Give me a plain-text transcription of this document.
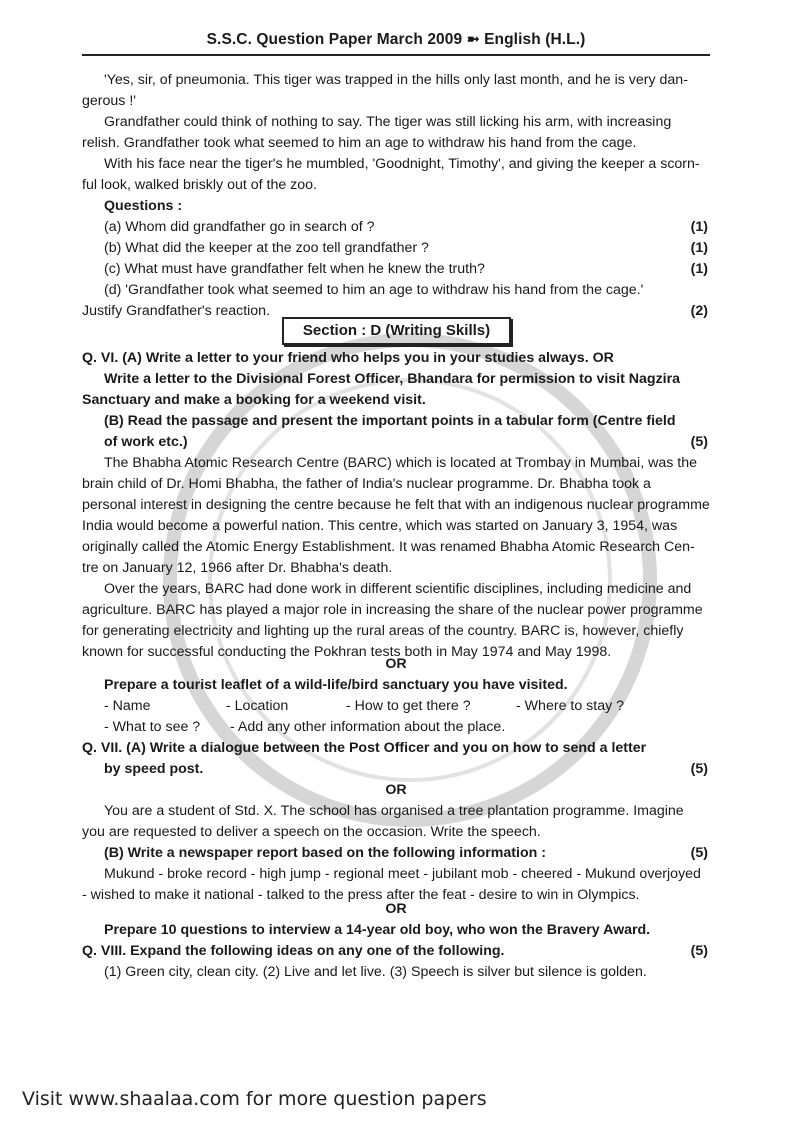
S.S.C. Question Paper March 2009 ➼ English (H.L.)
'Yes, sir, of pneumonia. This tiger was trapped in the hills only last month, and he is very dan-
gerous !'
Grandfather could think of nothing to say. The tiger was still licking his arm, with increasing
relish. Grandfather took what seemed to him an age to withdraw his hand from the cage.
With his face near the tiger's he mumbled, 'Goodnight, Timothy', and giving the keeper a scorn-
ful look, walked briskly out of the zoo.
Questions :
(a) Whom did grandfather go in search of ?	(1)
(b) What did the keeper at the zoo tell grandfather ?	(1)
(c) What must have grandfather felt when he knew the truth?	(1)
(d) 'Grandfather took what seemed to him an age to withdraw his hand from the cage.'
Justify Grandfather's reaction.	(2)
Section : D (Writing Skills)
Q. VI. (A) Write a letter to your friend who helps you in your studies always. OR
Write a letter to the Divisional Forest Officer, Bhandara for permission to visit Nagzira
Sanctuary and make a booking for a weekend visit.
(B) Read the passage and present the important points in a tabular form (Centre field
of work etc.)	(5)
The Bhabha Atomic Research Centre (BARC) which is located at Trombay in Mumbai, was the
brain child of Dr. Homi Bhabha, the father of India's nuclear programme. Dr. Bhabha took a
personal interest in designing the centre because he felt that with an indigenous nuclear programme
India would become a powerful nation. This centre, which was started on January 3, 1954, was
originally called the Atomic Energy Establishment. It was renamed Bhabha Atomic Research Cen-
tre on January 12, 1966 after Dr. Bhabha's death.
Over the years, BARC had done work in different scientific disciplines, including medicine and
agriculture. BARC has played a major role in increasing the share of the nuclear power programme
for generating electricity and lighting up the rural areas of the country. BARC is, however, chiefly
known for successful conducting the Pokhran tests both in May 1974 and May 1998.
OR
Prepare a tourist leaflet of a wild-life/bird sanctuary you have visited.
- Name	- Location	- How to get there ?	- Where to stay ?
- What to see ? - Add any other information about the place.
Q. VII. (A) Write a dialogue between the Post Officer and you on how to send a letter
by speed post.	(5)
OR
You are a student of Std. X. The school has organised a tree plantation programme. Imagine
you are requested to deliver a speech on the occasion. Write the speech.
(B) Write a newspaper report based on the following information :	(5)
Mukund - broke record - high jump - regional meet - jubilant mob - cheered - Mukund overjoyed
- wished to make it national - talked to the press after the feat - desire to win in Olympics.
OR
Prepare 10 questions to interview a 14-year old boy, who won the Bravery Award.
Q. VIII. Expand the following ideas on any one of the following.	(5)
(1) Green city, clean city. (2) Live and let live. (3) Speech is silver but silence is golden.
Visit www.shaalaa.com for more question papers
